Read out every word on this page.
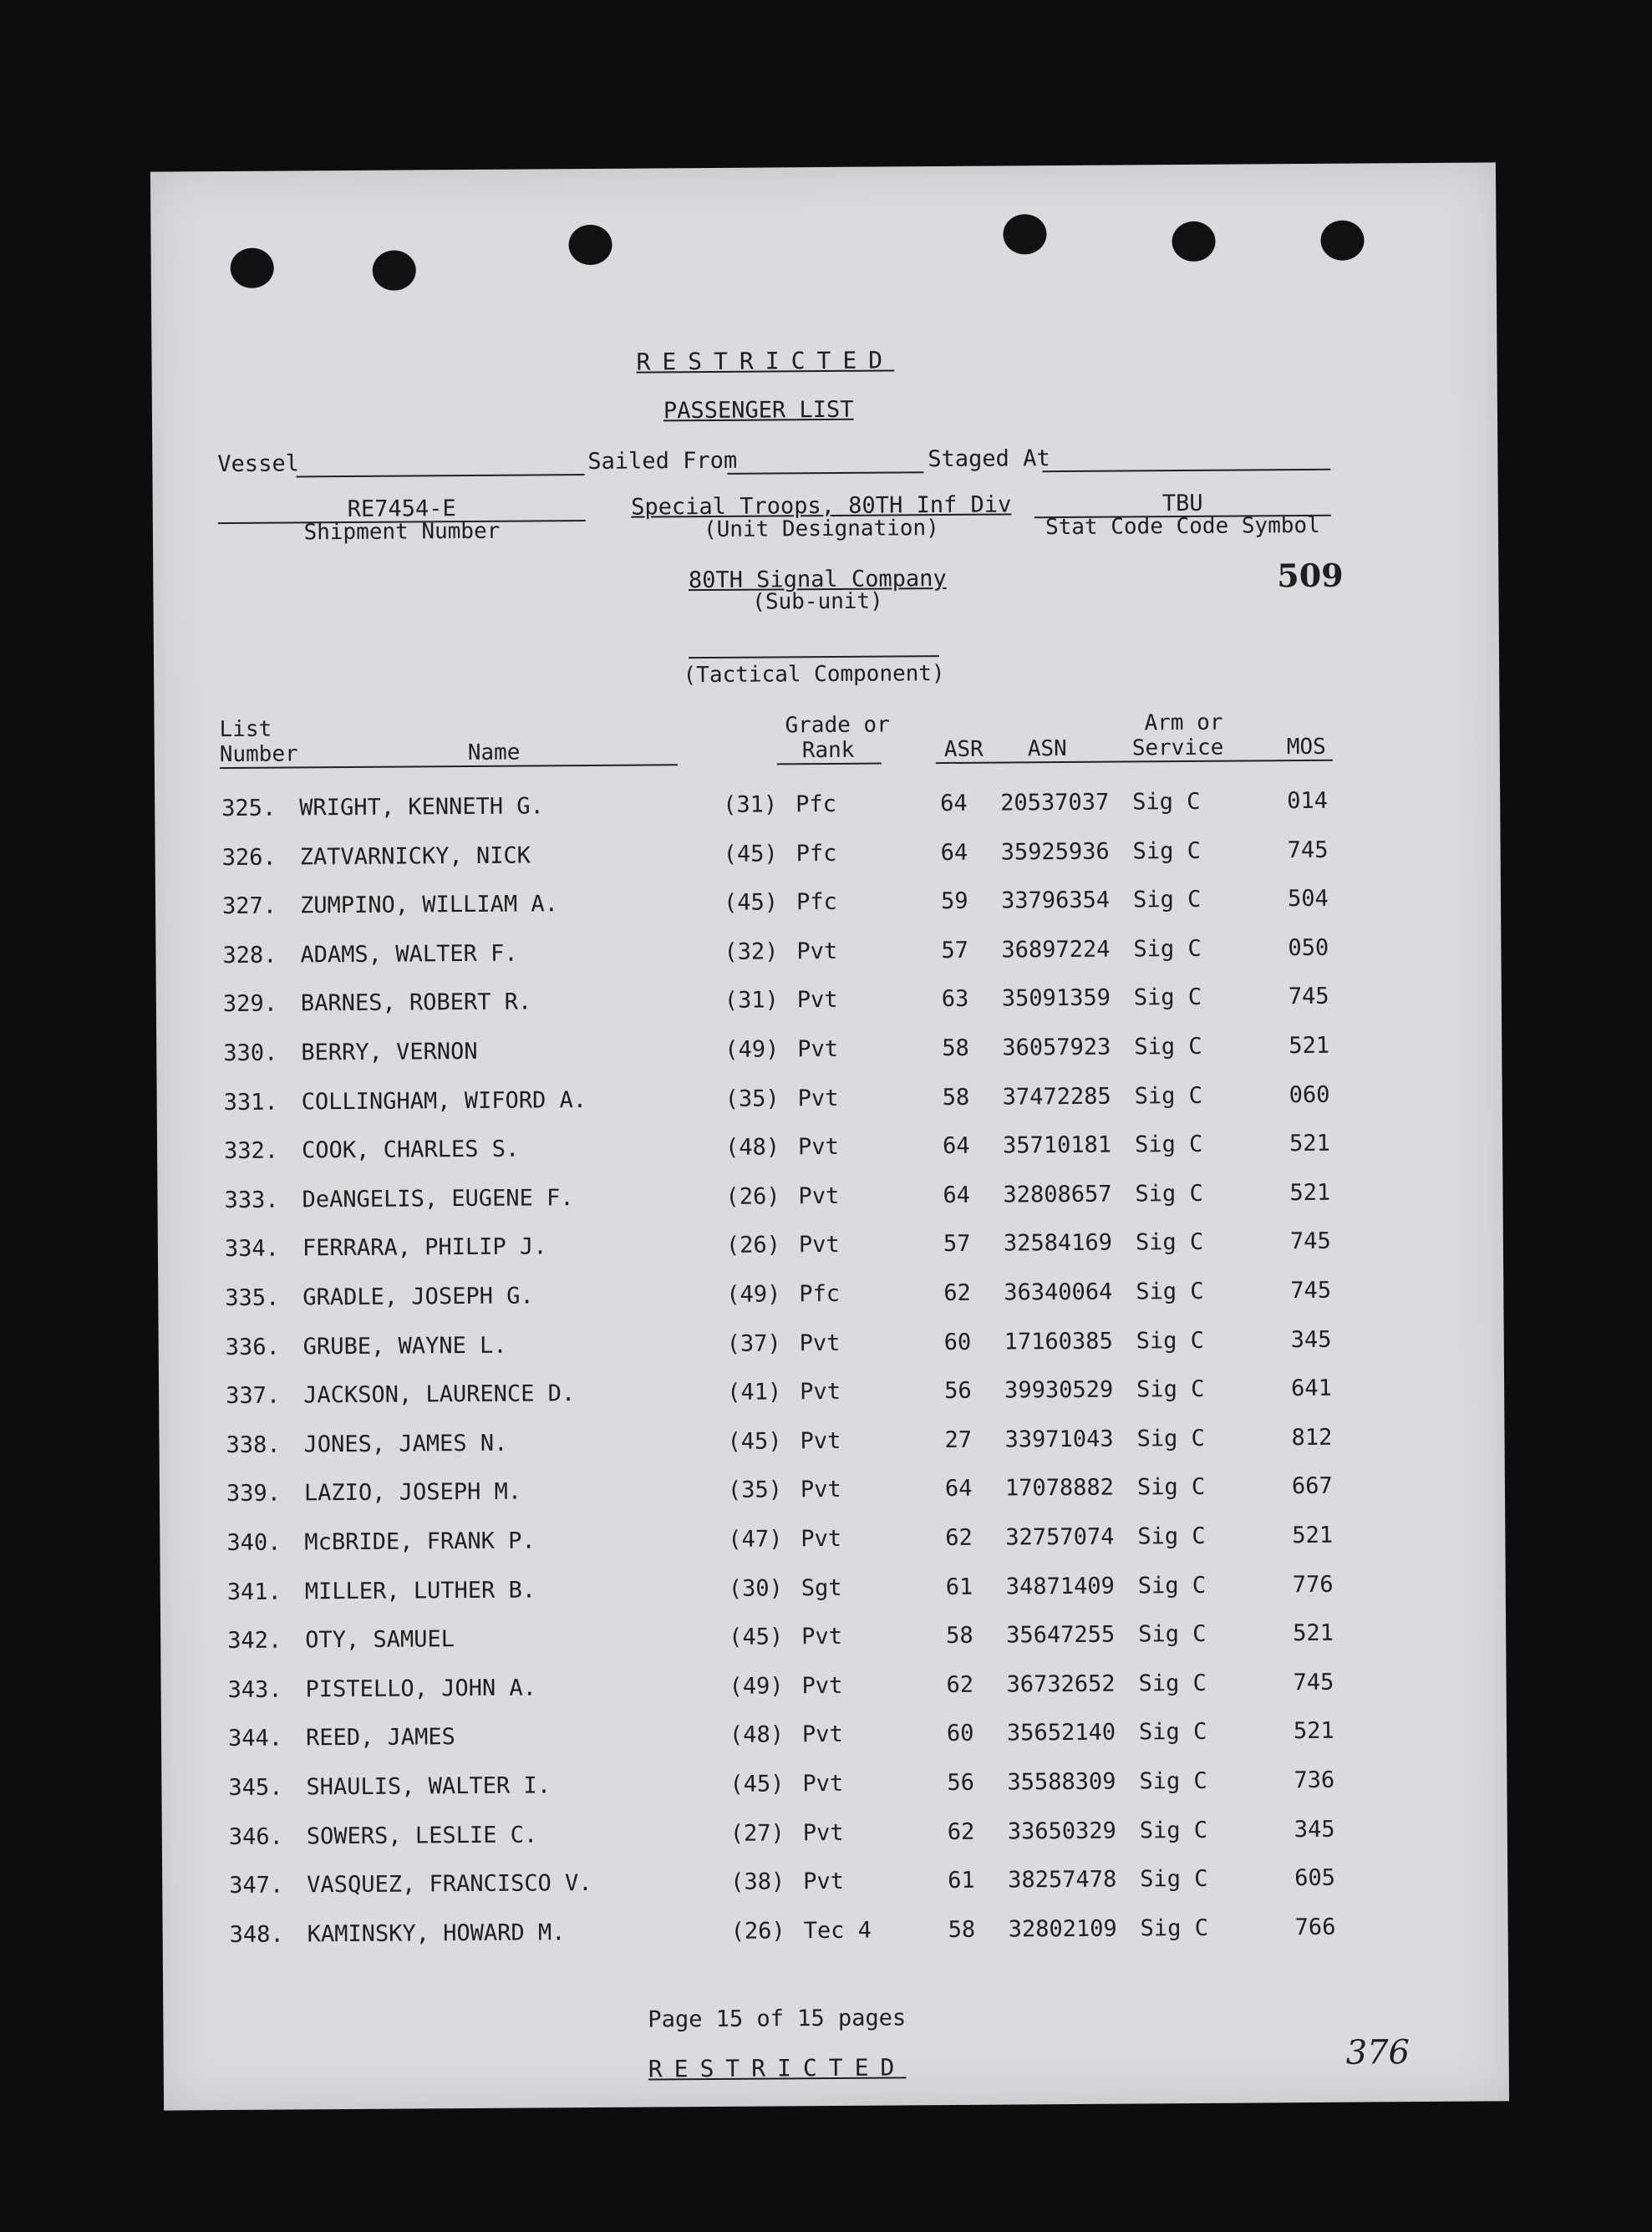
RESTRICTED
PASSENGER LIST
Vessel	Sailed From	Staged At
RE7454-E
Shipment Number
Special Troops, 80TH Inf Div
(Unit Designation)
TBU
Stat Code Code Symbol
80TH Signal Company
(Sub-unit)
509
(Tactical Component)
List
Number	Name
Grade or
Rank	ASR ASN
Arm or
Service	MOS
325. WRIGHT, KENNETH G.	(31) Pfc	64 20537037 Sig C	014
326. ZATVARNICKY, NICK	(45) Pfc	64 35925936 Sig C	745
327. ZUMPINO, WILLIAM A.	(45) Pfc	59 33796354 Sig C	504
328. ADAMS, WALTER F.	(32) Pvt	57 36897224 Sig C	050
329. BARNES, ROBERT R.	(31) Pvt	63 35091359 Sig C	745
330. BERRY, VERNON	(49) Pvt	58 36057923 Sig C	521
331. COLLINGHAM, WIFORD A.	(35) Pvt	58 37472285 Sig C	060
332. COOK, CHARLES S.	(48) Pvt	64 35710181 Sig C	521
333. DeANGELIS, EUGENE F.	(26) Pvt	64 32808657 Sig C	521
334. FERRARA, PHILIP J.	(26) Pvt	57 32584169 Sig C	745
335. GRADLE, JOSEPH G.	(49) Pfc	62 36340064 Sig C	745
336. GRUBE, WAYNE L.	(37) Pvt	60 17160385 Sig C	345
337. JACKSON, LAURENCE D.	(41) Pvt	56 39930529 Sig C	641
338. JONES, JAMES N.	(45) Pvt	27 33971043 Sig C	812
339. LAZIO, JOSEPH M.	(35) Pvt	64 17078882 Sig C	667
340. McBRIDE, FRANK P.	(47) Pvt	62 32757074 Sig C	521
341. MILLER, LUTHER B.	(30) Sgt	61 34871409 Sig C	776
342. OTY, SAMUEL	(45) Pvt	58 35647255 Sig C	521
343. PISTELLO, JOHN A.	(49) Pvt	62 36732652 Sig C	745
344. REED, JAMES	(48) Pvt	60 35652140 Sig C	521
345. SHAULIS, WALTER I.	(45) Pvt	56 35588309 Sig C	736
346. SOWERS, LESLIE C.	(27) Pvt	62 33650329 Sig C	345
347. VASQUEZ, FRANCISCO V.	(38) Pvt	61 38257478 Sig C	605
348. KAMINSKY, HOWARD M.	(26) Tec 4	58 32802109 Sig C	766
Page 15 of 15 pages
RESTRICTED	376
